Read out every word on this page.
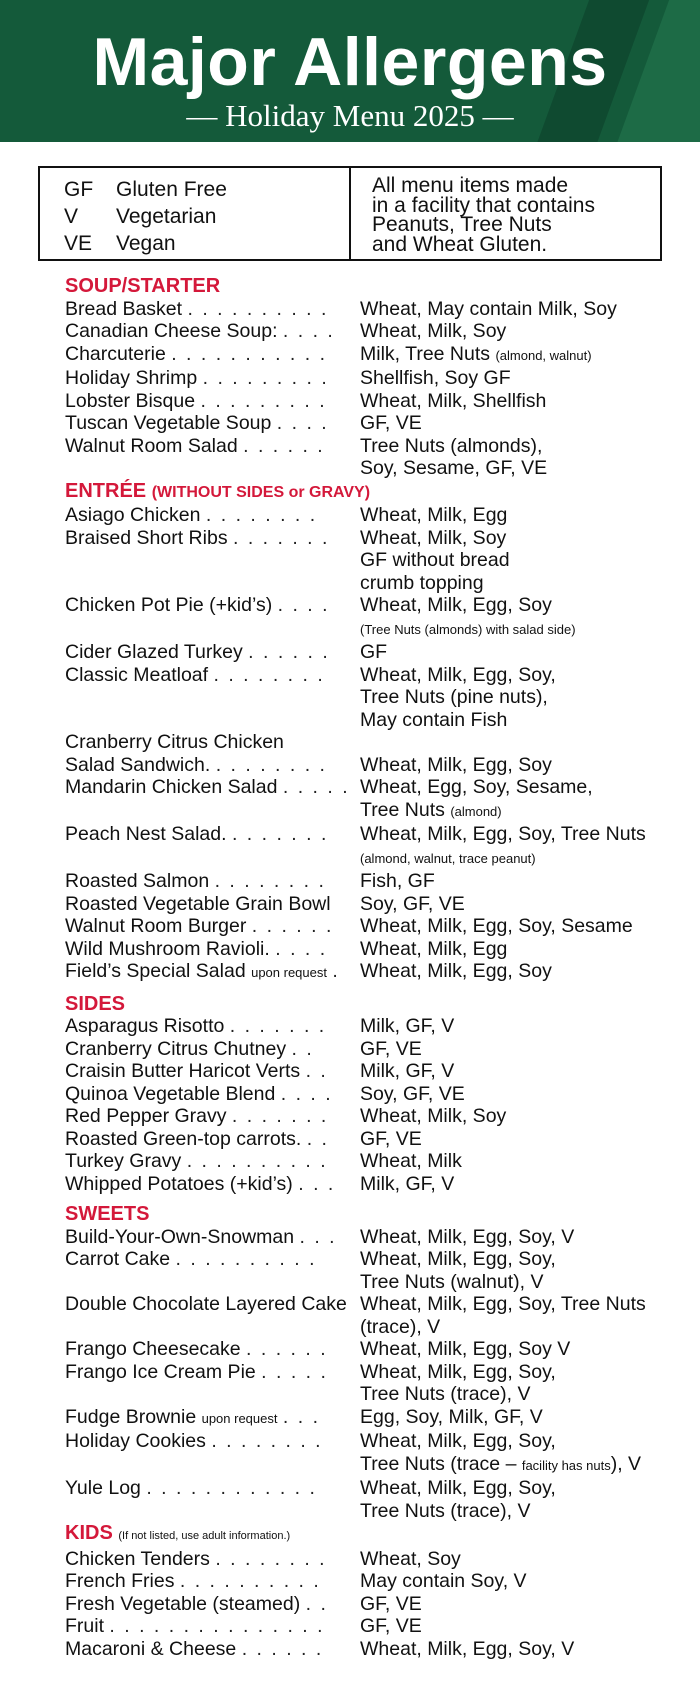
Major Allergens
— Holiday Menu 2025 —
GF	Gluten Free
V	Vegetarian
VE	Vegan
All menu items made
in a facility that contains
Peanuts, Tree Nuts
and Wheat Gluten.
SOUP/STARTER
Bread Basket . . . . . . . . . .	Wheat, May contain Milk, Soy
Canadian Cheese Soup: . . . .	Wheat, Milk, Soy
Charcuterie . . . . . . . . . . .	Milk, Tree Nuts (almond, walnut)
Holiday Shrimp . . . . . . . . .	Shellfish, Soy GF
Lobster Bisque . . . . . . . . .	Wheat, Milk, Shellfish
Tuscan Vegetable Soup . . . .	GF, VE
Walnut Room Salad . . . . . .	Tree Nuts (almonds),
Soy, Sesame, GF, VE
ENTRÉE (WITHOUT SIDES or GRAVY)
Asiago Chicken . . . . . . . .	Wheat, Milk, Egg
Braised Short Ribs . . . . . . .	Wheat, Milk, Soy
GF without bread
crumb topping
Chicken Pot Pie (+kid’s) . . . .	Wheat, Milk, Egg, Soy
(Tree Nuts (almonds) with salad side)
Cider Glazed Turkey . . . . . .	GF
Classic Meatloaf . . . . . . . .	Wheat, Milk, Egg, Soy,
Tree Nuts (pine nuts),
May contain Fish
Cranberry Citrus Chicken
Salad Sandwich. . . . . . . . .	Wheat, Milk, Egg, Soy
Mandarin Chicken Salad . . . . . Wheat, Egg, Soy, Sesame,
Tree Nuts (almond)
Peach Nest Salad. . . . . . . .	Wheat, Milk, Egg, Soy, Tree Nuts
(almond, walnut, trace peanut)
Roasted Salmon . . . . . . . .	Fish, GF
Roasted Vegetable Grain Bowl	Soy, GF, VE
Walnut Room Burger . . . . . .	Wheat, Milk, Egg, Soy, Sesame
Wild Mushroom Ravioli. . . . .	Wheat, Milk, Egg
Field’s Special Salad upon request .	Wheat, Milk, Egg, Soy
SIDES
Asparagus Risotto . . . . . . .	Milk, GF, V
Cranberry Citrus Chutney . .	GF, VE
Craisin Butter Haricot Verts . .	Milk, GF, V
Quinoa Vegetable Blend . . . .	Soy, GF, VE
Red Pepper Gravy . . . . . . .	Wheat, Milk, Soy
Roasted Green-top carrots. . .	GF, VE
Turkey Gravy . . . . . . . . . .	Wheat, Milk
Whipped Potatoes (+kid’s) . . .	Milk, GF, V
SWEETS
Build-Your-Own-Snowman . . .	Wheat, Milk, Egg, Soy, V
Carrot Cake . . . . . . . . . .	Wheat, Milk, Egg, Soy,
Tree Nuts (walnut), V
Double Chocolate Layered Cake Wheat, Milk, Egg, Soy, Tree Nuts
(trace), V
Frango Cheesecake . . . . . .	Wheat, Milk, Egg, Soy V
Frango Ice Cream Pie . . . . .	Wheat, Milk, Egg, Soy,
Tree Nuts (trace), V
Fudge Brownie upon request . . .	Egg, Soy, Milk, GF, V
Holiday Cookies . . . . . . . .	Wheat, Milk, Egg, Soy,
Tree Nuts (trace – facility has nuts), V
Yule Log . . . . . . . . . . . .	Wheat, Milk, Egg, Soy,
Tree Nuts (trace), V
KIDS (If not listed, use adult information.)
Chicken Tenders . . . . . . . .	Wheat, Soy
French Fries . . . . . . . . . .	May contain Soy, V
Fresh Vegetable (steamed) . .	GF, VE
Fruit . . . . . . . . . . . . . . .	GF, VE
Macaroni & Cheese . . . . . .	Wheat, Milk, Egg, Soy, V
